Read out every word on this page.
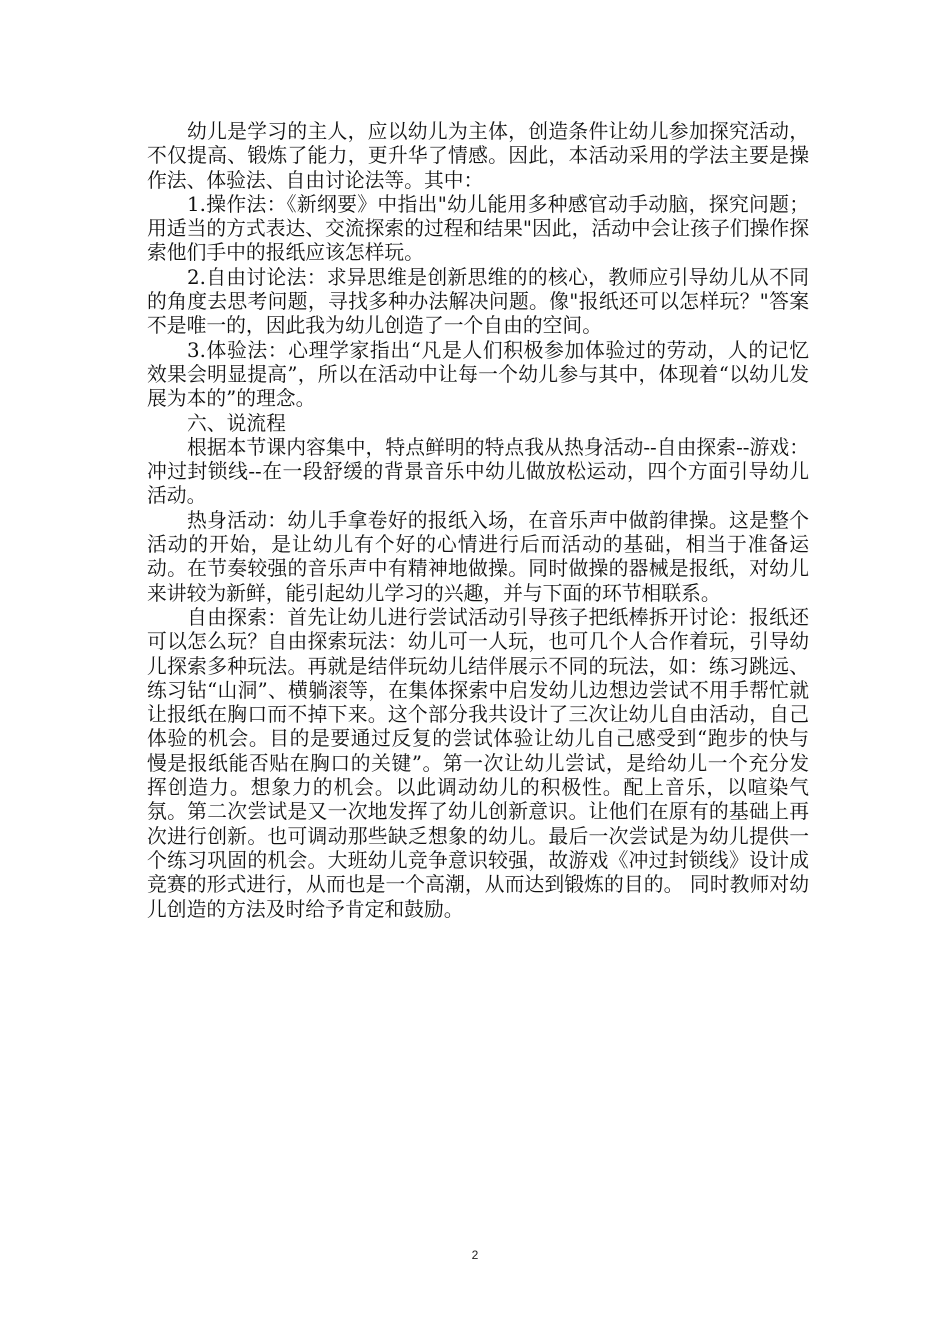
幼儿是学习的主人，应以幼儿为主体，创造条件让幼儿参加探究活动，不仅提高、锻炼了能力，更升华了情感。因此，本活动采用的学法主要是操作法、体验法、自由讨论法等。其中：

1.操作法：《新纲要》中指出"幼儿能用多种感官动手动脑，探究问题；用适当的方式表达、交流探索的过程和结果"因此，活动中会让孩子们操作探索他们手中的报纸应该怎样玩。

2.自由讨论法：求异思维是创新思维的的核心，教师应引导幼儿从不同的角度去思考问题，寻找多种办法解决问题。像"报纸还可以怎样玩？"答案不是唯一的，因此我为幼儿创造了一个自由的空间。

3.体验法：心理学家指出“凡是人们积极参加体验过的劳动，人的记忆效果会明显提高”，所以在活动中让每一个幼儿参与其中，体现着“以幼儿发展为本的”的理念。

六、说流程

根据本节课内容集中，特点鲜明的特点我从热身活动--自由探索--游戏：冲过封锁线--在一段舒缓的背景音乐中幼儿做放松运动，四个方面引导幼儿活动。

热身活动：幼儿手拿卷好的报纸入场，在音乐声中做韵律操。这是整个活动的开始，是让幼儿有个好的心情进行后而活动的基础，相当于准备运动。在节奏较强的音乐声中有精神地做操。同时做操的器械是报纸，对幼儿来讲较为新鲜，能引起幼儿学习的兴趣，并与下面的环节相联系。

自由探索：首先让幼儿进行尝试活动引导孩子把纸棒拆开讨论：报纸还可以怎么玩？自由探索玩法：幼儿可一人玩，也可几个人合作着玩，引导幼儿探索多种玩法。再就是结伴玩幼儿结伴展示不同的玩法，如：练习跳远、练习钻“山洞”、横躺滚等，在集体探索中启发幼儿边想边尝试不用手帮忙就让报纸在胸口而不掉下来。这个部分我共设计了三次让幼儿自由活动，自己体验的机会。目的是要通过反复的尝试体验让幼儿自己感受到“跑步的快与慢是报纸能否贴在胸口的关键”。第一次让幼儿尝试，是给幼儿一个充分发挥创造力。想象力的机会。以此调动幼儿的积极性。配上音乐，以喧染气氛。第二次尝试是又一次地发挥了幼儿创新意识。让他们在原有的基础上再次进行创新。也可调动那些缺乏想象的幼儿。最后一次尝试是为幼儿提供一个练习巩固的机会。大班幼儿竞争意识较强，故游戏《冲过封锁线》设计成竞赛的形式进行，从而也是一个高潮，从而达到锻炼的目的。 同时教师对幼儿创造的方法及时给予肯定和鼓励。

2
